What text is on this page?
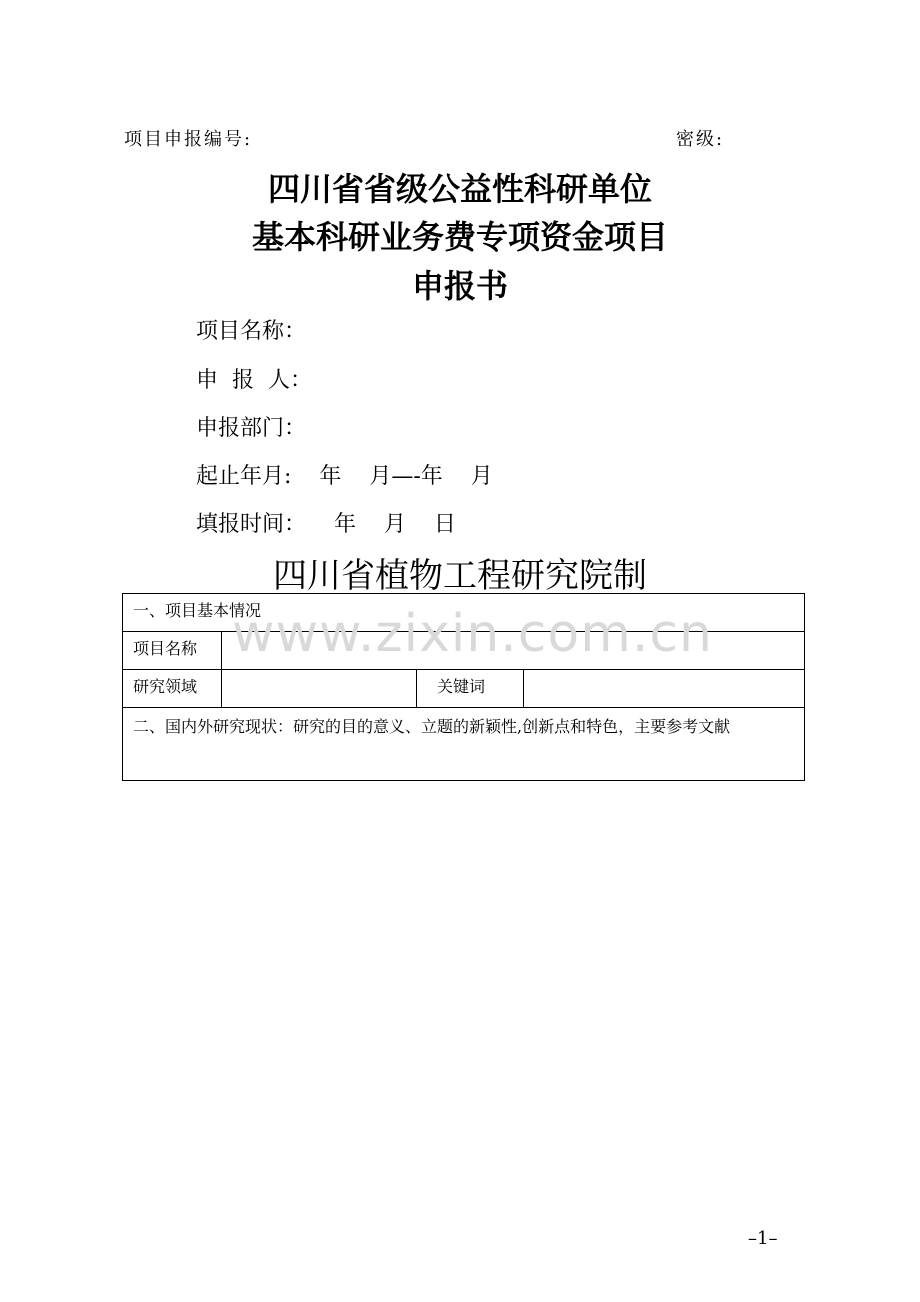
项目申报编号:	密级:
四川省省级公益性科研单位
基本科研业务费专项资金项目
申报书
项目名称：
申  报  人：
申报部门：
起止年月:    年    月—-年    月
填报时间：    年    月    日
四川省植物工程研究院制
一、项目基本情况			
项目名称			
研究领域		关键词	
二、国内外研究现状：研究的目的意义、立题的新颖性,创新点和特色，主要参考文献			
www.zixin.com.cn
–1–
